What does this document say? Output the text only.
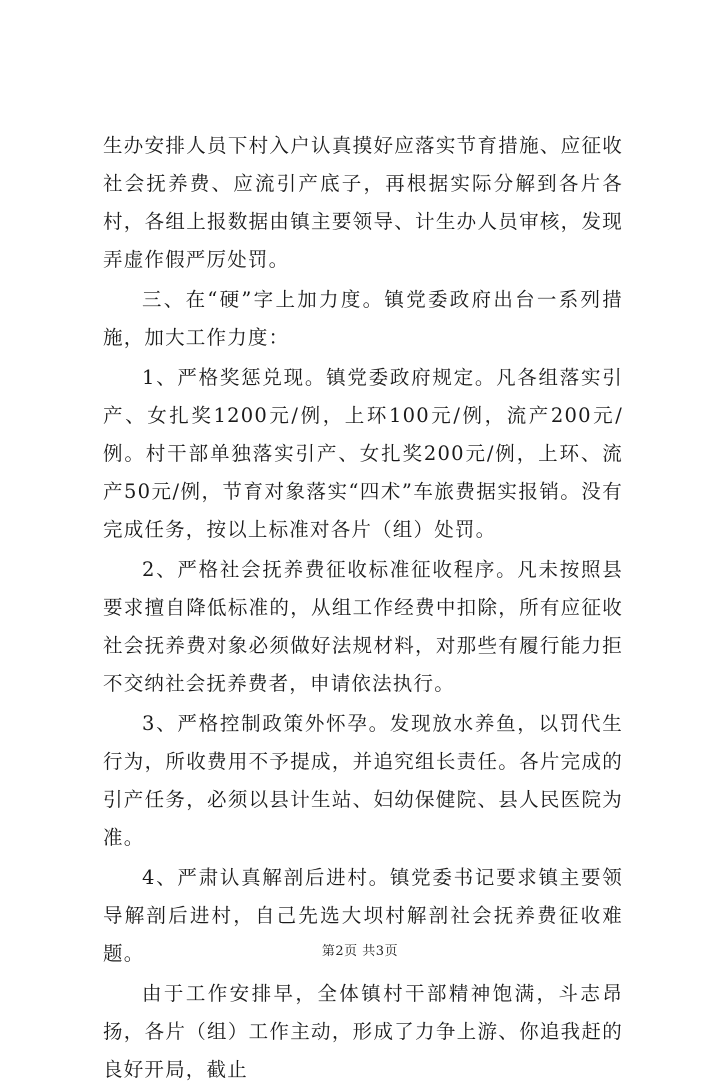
生办安排人员下村入户认真摸好应落实节育措施、应征收社会抚养费、应流引产底子，再根据实际分解到各片各村，各组上报数据由镇主要领导、计生办人员审核，发现弄虚作假严厉处罚。

三、在“硬”字上加力度。镇党委政府出台一系列措施，加大工作力度：

1、严格奖惩兑现。镇党委政府规定。凡各组落实引产、女扎奖1200元/例，上环100元/例，流产200元/例。村干部单独落实引产、女扎奖200元/例，上环、流产50元/例，节育对象落实“四术”车旅费据实报销。没有完成任务，按以上标准对各片（组）处罚。

2、严格社会抚养费征收标准征收程序。凡未按照县要求擅自降低标准的，从组工作经费中扣除，所有应征收社会抚养费对象必须做好法规材料，对那些有履行能力拒不交纳社会抚养费者，申请依法执行。

3、严格控制政策外怀孕。发现放水养鱼，以罚代生行为，所收费用不予提成，并追究组长责任。各片完成的引产任务，必须以县计生站、妇幼保健院、县人民医院为准。

4、严肃认真解剖后进村。镇党委书记要求镇主要领导解剖后进村，自己先选大坝村解剖社会抚养费征收难题。

由于工作安排早，全体镇村干部精神饱满，斗志昂扬，各片（组）工作主动，形成了力争上游、你追我赶的良好开局，截止

第2页 共3页
